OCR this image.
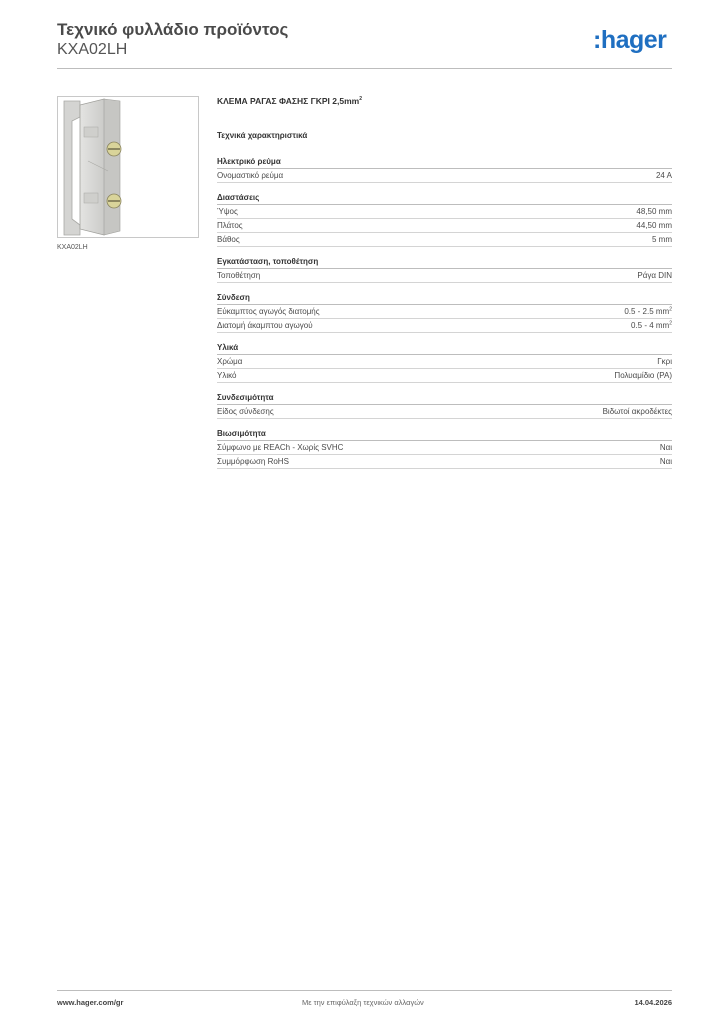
Τεχνικό φυλλάδιο προϊόντος
KXA02LH	:hager
KXA02LH
ΚΛΕΜΑ ΡΑΓΑΣ ΦΑΣΗΣ ΓΚΡΙ $2,5mm^2$
Τεχνικά χαρακτηριστικά
Ηλεκτρικό ρεύμα
Ονομαστικό ρεύμα	24 A
Διαστάσεις
Ύψος	48,50 mm
Πλάτος	44,50 mm
Βάθος	5 mm
Εγκατάσταση, τοποθέτηση
Τοποθέτηση	Ράγα DIN
Σύνδεση
Εύκαμπτος αγωγός διατομής	0.5 - 2.5 $mm^2$
Διατομή άκαμπτου αγωγού	0.5 - 4 $mm^2$
Υλικά
Χρώμα	Γκρι
Υλικό	Πολυαμίδιο (PA)
Συνδεσιμότητα
Είδος σύνδεσης	Βιδωτοί ακροδέκτες
Βιωσιμότητα
Σύμφωνο με REACh - Χωρίς SVHC	Ναι
Συμμόρφωση RoHS	Ναι
www.hager.com/gr	Με την επιφύλαξη τεχνικών αλλαγών	14.04.2026
